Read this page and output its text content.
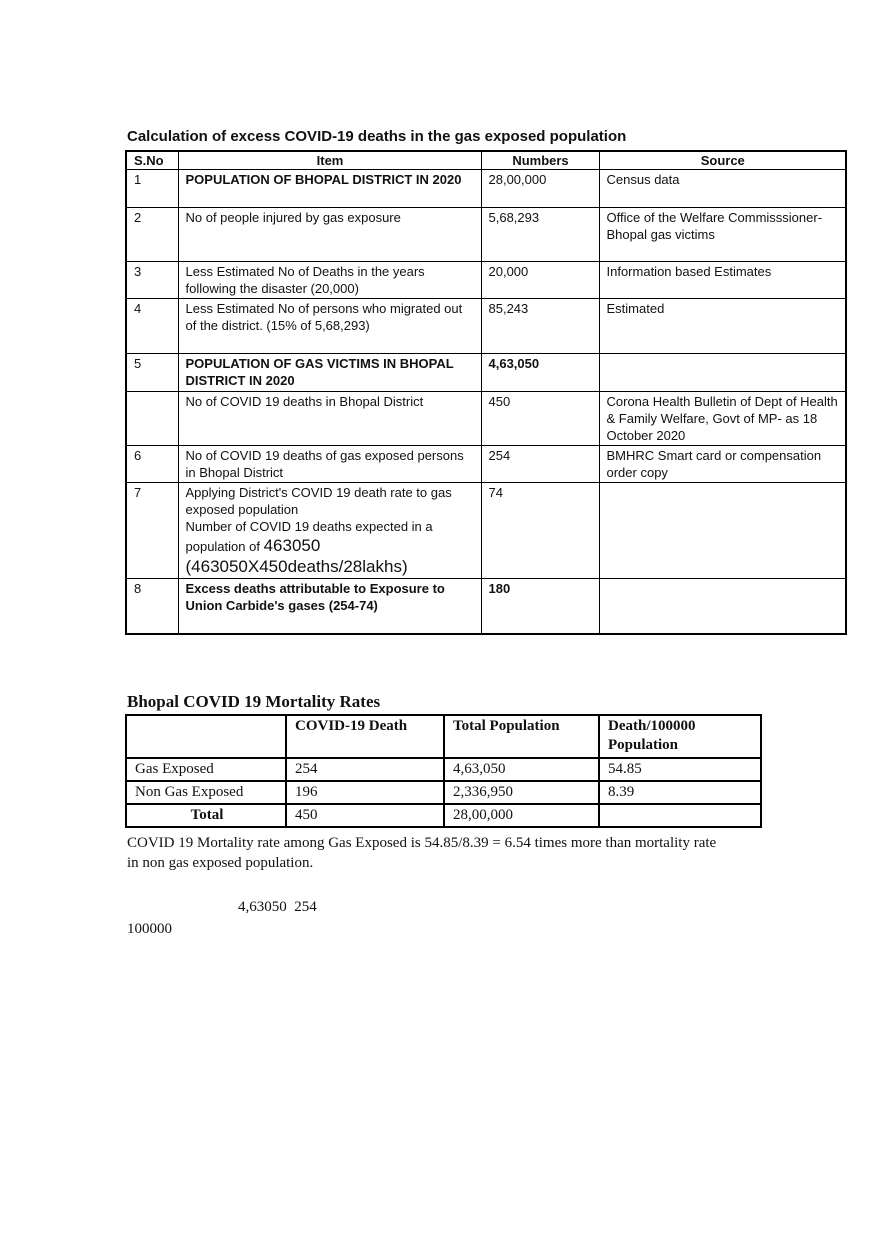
Calculation of excess COVID-19 deaths in the gas exposed population
S.No	Item	Numbers	Source
1	POPULATION OF BHOPAL DISTRICT IN 2020	28,00,000	Census data
2	No of people injured by gas exposure	5,68,293	Office of the Welfare Commisssioner-Bhopal gas victims
3	Less Estimated No of Deaths in the years following the disaster (20,000)	20,000	Information based Estimates
4	Less Estimated No of persons who migrated out of the district. (15% of 5,68,293)	85,243	Estimated
5	POPULATION OF GAS VICTIMS IN BHOPAL DISTRICT IN 2020	4,63,050	
	No of COVID 19 deaths in Bhopal District	450	Corona Health Bulletin of Dept of Health & Family Welfare, Govt of MP- as 18 October 2020
6	No of COVID 19 deaths of gas exposed persons in Bhopal District	254	BMHRC Smart card or compensation order copy
7	Applying District's COVID 19 death rate to gas exposed population
Number of COVID 19 deaths expected in a population of 463050
(463050X450deaths/28lakhs)	74	
8	Excess deaths attributable to Exposure to Union Carbide's gases (254-74)	180	
Bhopal COVID 19 Mortality Rates
	COVID-19 Death	Total Population	Death/100000 Population
Gas Exposed	254	4,63,050	54.85
Non Gas Exposed	196	2,336,950	8.39
Total	450	28,00,000	

COVID 19 Mortality rate among Gas Exposed is 54.85/8.39 = 6.54 times more than mortality rate in non gas exposed population.

4,63050  254
100000
